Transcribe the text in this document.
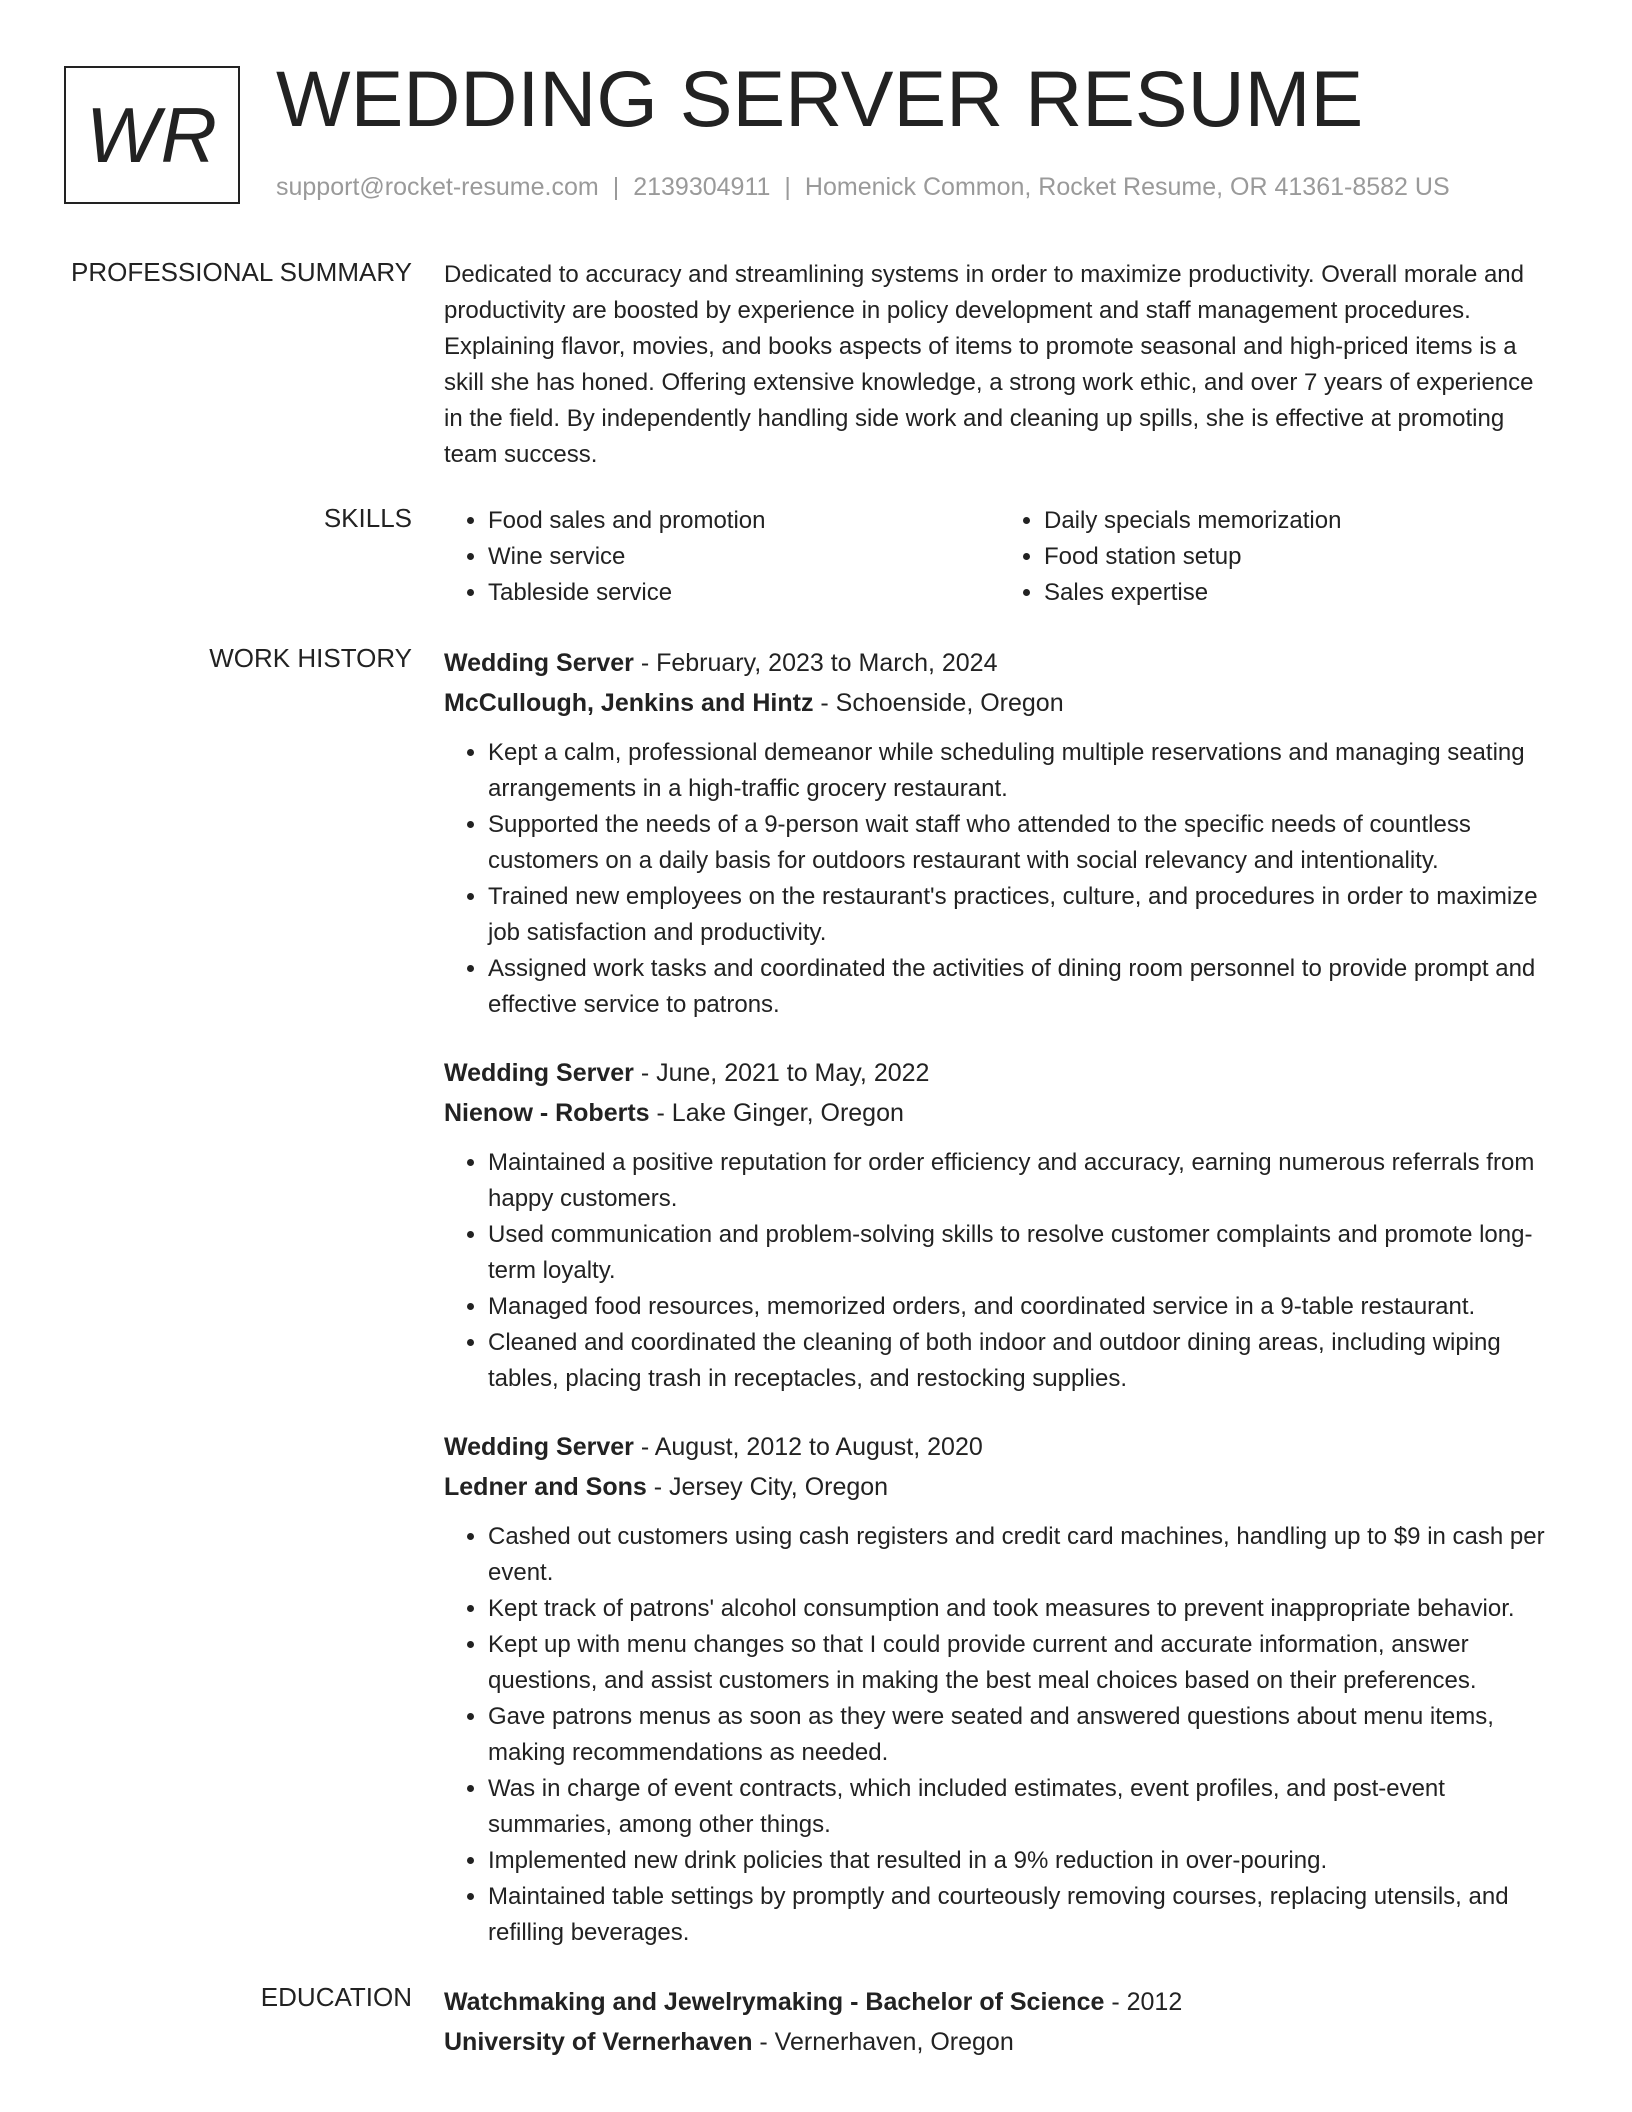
WR WEDDING SERVER RESUME
support@rocket-resume.com | 2139304911 | Homenick Common, Rocket Resume, OR 41361-8582 US
PROFESSIONAL SUMMARY Dedicated to accuracy and streamlining systems in order to maximize productivity. Overall morale and productivity are boosted by experience in policy development and staff management procedures. Explaining flavor, movies, and books aspects of items to promote seasonal and high-priced items is a skill she has honed. Offering extensive knowledge, a strong work ethic, and over 7 years of experience in the field. By independently handling side work and cleaning up spills, she is effective at promoting team success.

SKILLS
•	Food sales and promotion
• Wine service
• Tableside service
• Daily specials memorization
• Food station setup
• Sales expertise
WORK HISTORY Wedding Server - February, 2023 to March, 2024
McCullough, Jenkins and Hintz - Schoenside, Oregon
• Kept a calm, professional demeanor while scheduling multiple reservations and managing seating arrangements in a high-traffic grocery restaurant.
• Supported the needs of a 9-person wait staff who attended to the specific needs of countless customers on a daily basis for outdoors restaurant with social relevancy and intentionality.
• Trained new employees on the restaurant's practices, culture, and procedures in order to maximize job satisfaction and productivity.
• Assigned work tasks and coordinated the activities of dining room personnel to provide prompt and effective service to patrons.
Wedding Server - June, 2021 to May, 2022
Nienow - Roberts - Lake Ginger, Oregon
• Maintained a positive reputation for order efficiency and accuracy, earning numerous referrals from happy customers.
• Used communication and problem-solving skills to resolve customer complaints and promote long-term loyalty.
• Managed food resources, memorized orders, and coordinated service in a 9-table restaurant.
• Cleaned and coordinated the cleaning of both indoor and outdoor dining areas, including wiping tables, placing trash in receptacles, and restocking supplies.
Wedding Server - August, 2012 to August, 2020
Ledner and Sons - Jersey City, Oregon
• Cashed out customers using cash registers and credit card machines, handling up to $9 in cash per event.
• Kept track of patrons' alcohol consumption and took measures to prevent inappropriate behavior.
• Kept up with menu changes so that I could provide current and accurate information, answer questions, and assist customers in making the best meal choices based on their preferences.
• Gave patrons menus as soon as they were seated and answered questions about menu items, making recommendations as needed.
• Was in charge of event contracts, which included estimates, event profiles, and post-event summaries, among other things.
• Implemented new drink policies that resulted in a 9% reduction in over-pouring.
• Maintained table settings by promptly and courteously removing courses, replacing utensils, and refilling beverages.
EDUCATION Watchmaking and Jewelrymaking - Bachelor of Science - 2012
University of Vernerhaven - Vernerhaven, Oregon
